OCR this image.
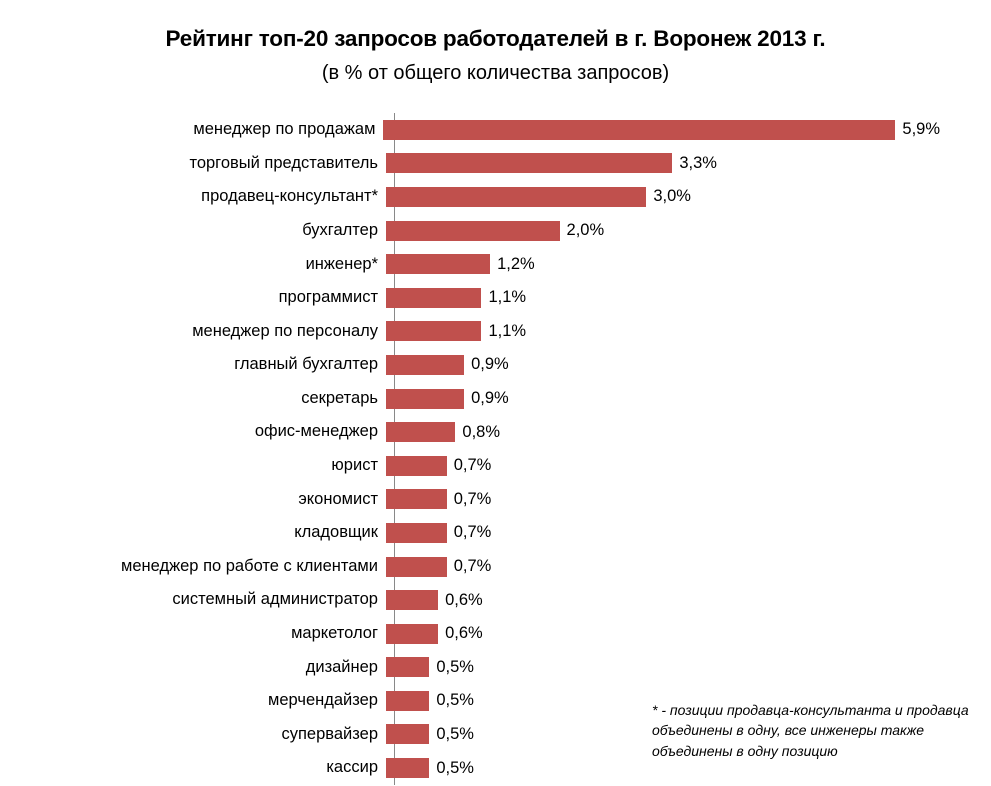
Рейтинг топ-20 запросов работодателей в г. Воронеж 2013 г.
(в % от общего количества запросов)
менеджер по продажам	5,9%
торговый представитель	3,3%
продавец-консультант*	3,0%
бухгалтер	2,0%
инженер*	1,2%
программист	1,1%
менеджер по персоналу	1,1%
главный бухгалтер	0,9%
секретарь	0,9%
офис-менеджер	0,8%
юрист	0,7%
экономист	0,7%
кладовщик	0,7%
менеджер по работе с клиентами	0,7%
системный администратор	0,6%
маркетолог	0,6%
дизайнер	0,5%
мерчендайзер	0,5%
супервайзер	0,5%
кассир	0,5%
* - позиции продавца-консультанта и продавца объединены в одну, все инженеры также объединены в одну позицию
